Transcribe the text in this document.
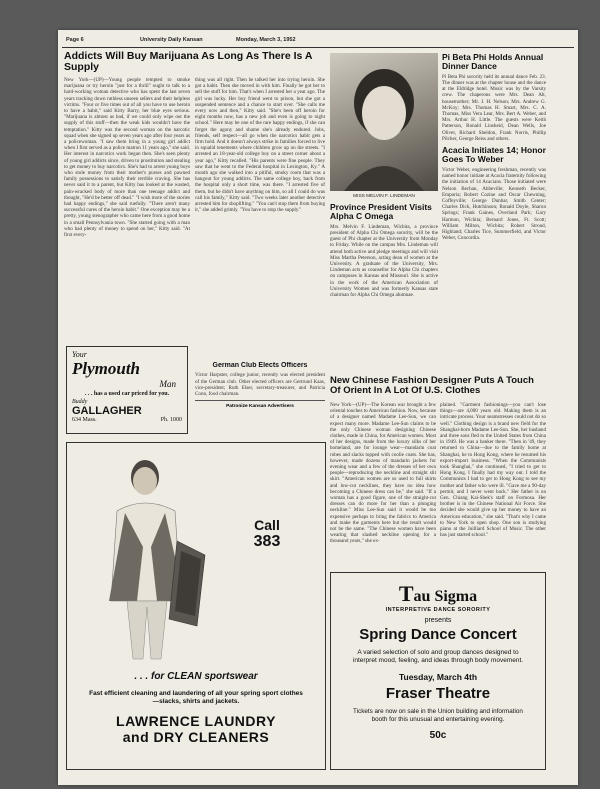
Page 6	University Daily Kansan	Monday, March 3, 1952
Addicts Will Buy Marijuana As Long As There Is A Supply

New York—(UP)—Young people tempted to smoke marijuana or try heroin "just for a thrill" ought to talk to a hard-working woman detective who has spent the last seven years tracking down ruthless unseen sellers and their helpless victims. "Four or five times out of all you have to use heroin to have a habit," said Kitty Barry, her blue eyes serious. "Marijuana is almost as bad, if we could only wipe out the supply of this stuff—then the weak kids wouldn't have the temptation." Kitty was the second woman on the narcotic squad when she signed up seven years ago after four years as a policewoman. "I saw them bring in a young girl addict when I first served as a police matron 11 years ago," she said. Her interest in narcotics work began then. She's seen plenty of young girl addicts since, driven to prostitution and stealing to get money to buy narcotics. She's had to arrest young boys who stole money from their mother's purses and pawned family possessions to satisfy their terrible craving. She has never said it to a parent, but Kitty has looked at the wasted, pain-wracked body of more than one teenage addict and thought, "He'd be better off dead." "I wish more of the stories had happy endings," she said ruefully. "There aren't many successful cures of the heroin habit." One exception may be a pretty, young stenographer who came here from a good home in a small Pennsylvania town. "She started going with a man who had plenty of money to spend on her," Kitty said. "At first every-

thing was all right. Then he talked her into trying heroin. She got a habit. Then she moved in with him. Finally he got her to sell the stuff for him. That's when I arrested her a year ago. The girl was lucky. Her boy friend went to prison, but she got a suspended sentence and a chance to start over. "She calls me every now and then," Kitty said. "She's been off heroin for eight months now, has a new job and even is going to night school." Here may be one of the rare happy endings, if she can forget the agony and shame she's already endured. Jobs, friends, self respect—all go when the narcotics habit gets a firm hold. And it doesn't always strike in families forced to live in squalid tenements where children grow up on the streets. "I arrested an 18-year-old college boy on a street corner about a year ago," Kitty recalled. "His parents were fine people. They saw that he went to the Federal hospital in Lexington, Ky." A month ago she walked into a pitiful, smoky room that was a hangout for young addicts. The same college boy, back from the hospital only a short time, was there. "I arrested five of them, but he didn't have anything on him, so all I could do was call his family," Kitty said. "Two weeks later another detective arrested him for shoplifting." "You can't stop them from buying it," she added grimly. "You have to stop the supply."

Your
Plymouth
Man
. . . has a used car priced for you.
Buddy
GALLAGHER
634 Mass.	Ph. 1000
German Club Elects Officers

Victor Harpster, college junior, recently was elected president of the German club. Other elected officers are Gertrund Kaas, vice-president; Ruth Elser, secretary-treasurer, and Patricia Conn, food chairman.

Patronize Kansan Advertisers
Call
383
. . . for CLEAN sportswear
Fast efficient cleaning and laundering of all your spring sport clothes—slacks, shirts and jackets.
LAWRENCE LAUNDRY
and DRY CLEANERS
MISS MELVIN F. LINDEMAN
Province President Visits Alpha C Omega

Mrs. Melvin F. Lindeman, Wichita, a province president of Alpha Chi Omega sorority, will be the guest of Phi chapter at the University from Monday to Friday. While on the campus Mrs. Lindeman will attend both active and pledge meetings and will visit Miss Martha Peterson, acting dean of women at the University. A graduate of the University, Mrs. Lindeman acts as counsellor for Alpha Chi chapters on campuses in Kansas and Missouri. She is active in the work of the American Association of University Women and was formerly Kansas state chairman for Alpha Chi Omega alumnae.

New Chinese Fashion Designer Puts A Touch Of Orient In A Lot Of U.S. Clothes

New York—(UP)—The Korean war brought a few oriental touches to American fashion. Now, because of a designer named Madame Lee-Sun, we can expect many more. Madame Lee-Sun claims to be the only Chinese woman designing Chinese clothes, made in China, for American women. Most of her designs, made from the luxury silks of her homeland, are for lounge wear—mandarin coat robes and slacks topped with coolie coats. She has, however, made dozens of mandarin jackets for evening wear and a few of the dresses of her own people—reproducing the neckline and straight slit skirt. "American women are so used to full skirts and low-cut necklines, they have no idea how becoming a Chinese dress can be," she said. "If a woman has a good figure, one of the straight-cut dresses can do more for her than a plunging neckline." Miss Lee-Sun said it would be too expensive perhaps to bring the fabrics to America and make the garments here but the result would not be the same. "The Chinese women have been wearing that slashed neckline opening for a thousand years," she ex-

plained. "Garment fashionings—you can't lose things—are 4,000 years old. Making them is an intricate process. Your seamstresses could not do so well." Clothing design is a brand new field for the Shanghai-born Madame Lee-Sun. She, her husband and three sons fled to the United States from China in 1949. He was a banker there. "Then in '49, they returned to China—due to the family home at Shanghai, he to Hong Kong, where he resumed his export-import business. "When the Communists took Shanghai," she continued, "I tried to get to Hong Kong. I finally had my way out. I told the Communists I had to get to Hong Kong to see my mother and father who were ill. "Gave me a 90-day permit, and I never went back." Her father is on Gen. Chiang Kai-Shek's staff on Formosa. Her brother is in the Chinese National Air Force. She decided she would give up her money to have an American education," she said. "That's why I came to New York to open shop. One son is studying piano at the Juilliard School of Music. The other has just started school."

Tau Sigma
INTERPRETIVE DANCE SORORITY
presents
Spring Dance Concert
A varied selection of solo and group dances designed to interpret mood, feeling, and ideas through body movement.
Tuesday, March 4th
Fraser Theatre
Tickets are now on sale in the Union building and information booth for this unusual and entertaining evening.
50c
Pi Beta Phi Holds Annual Dinner Dance

Pi Beta Phi sorority held its annual dance Feb. 23. The dinner was at the chapter house and the dance at the Eldridge hotel. Music was by the Varsity crew. The chaperons were Mrs. Dean Alt, housemother; Mr. J. H. Nelson; Mrs. Andrew G. McKoy; Mrs. Thomas H. Smart, Mrs. C. A. Thomas, Miss Vera Lear, Mrs. Bert A. Weber, and Mrs. Arthur H. Little. The guests were Keith Patterson, Ronald Linsheid, Dean Wells, Joe Oliver, Richard Sheldon, Frank Norris, Phillip Pilcher, George Reiss and others.

Acacia Initiates 14; Honor Goes To Weber

Victor Weber, engineering freshman, recently was named honor initiate at Acacia fraternity following the initiation of 14 Acacians. Those initiated were Nelson Bechan, Abbeville; Kenneth Becker, Emporia; Robert Cozine and Oscar Chewning, Coffeyville; George Dunbar, Smith Center; Charles Dick, Hutchinson; Ronald Doyle, Sharon Springs; Frank Gaines, Overland Park; Gary Harmon, Wichita; Bernard Jones, Ft. Scott; William Milton, Wichita; Robert Stroud, Highland; Charles Tice, Summerfield, and Victor Weber, Concordia.
